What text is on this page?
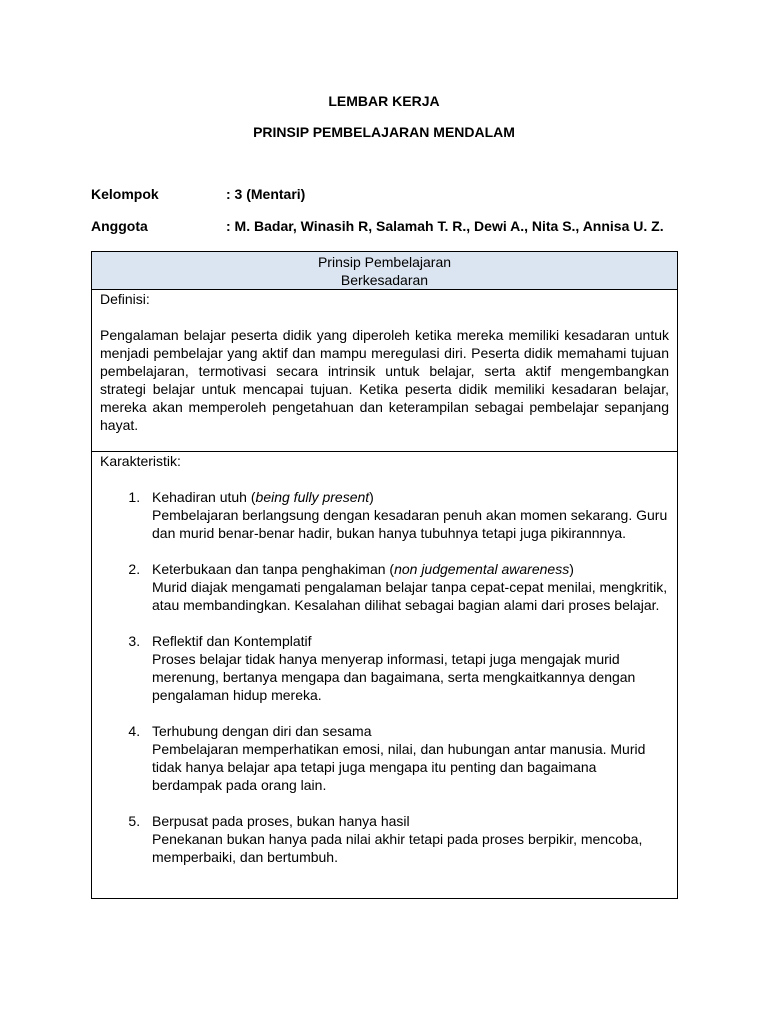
LEMBAR KERJA
PRINSIP PEMBELAJARAN MENDALAM
Kelompok	: 3 (Mentari)
Anggota	: M. Badar, Winasih R, Salamah T. R., Dewi A., Nita S., Annisa U. Z.
Prinsip Pembelajaran
Berkesadaran

Definisi:
Pengalaman belajar peserta didik yang diperoleh ketika mereka memiliki kesadaran untuk menjadi pembelajar yang aktif dan mampu meregulasi diri. Peserta didik memahami tujuan pembelajaran, termotivasi secara intrinsik untuk belajar, serta aktif mengembangkan strategi belajar untuk mencapai tujuan. Ketika peserta didik memiliki kesadaran belajar, mereka akan memperoleh pengetahuan dan keterampilan sebagai pembelajar sepanjang hayat.

Karakteristik:
1. Kehadiran utuh (being fully present)
Pembelajaran berlangsung dengan kesadaran penuh akan momen sekarang. Guru dan murid benar-benar hadir, bukan hanya tubuhnya tetapi juga pikirannnya.
2. Keterbukaan dan tanpa penghakiman (non judgemental awareness)
Murid diajak mengamati pengalaman belajar tanpa cepat-cepat menilai, mengkritik, atau membandingkan. Kesalahan dilihat sebagai bagian alami dari proses belajar.
3. Reflektif dan Kontemplatif
Proses belajar tidak hanya menyerap informasi, tetapi juga mengajak murid merenung, bertanya mengapa dan bagaimana, serta mengkaitkannya dengan pengalaman hidup mereka.
4. Terhubung dengan diri dan sesama
Pembelajaran memperhatikan emosi, nilai, dan hubungan antar manusia. Murid tidak hanya belajar apa tetapi juga mengapa itu penting dan bagaimana berdampak pada orang lain.
5. Berpusat pada proses, bukan hanya hasil
Penekanan bukan hanya pada nilai akhir tetapi pada proses berpikir, mencoba, memperbaiki, dan bertumbuh.
